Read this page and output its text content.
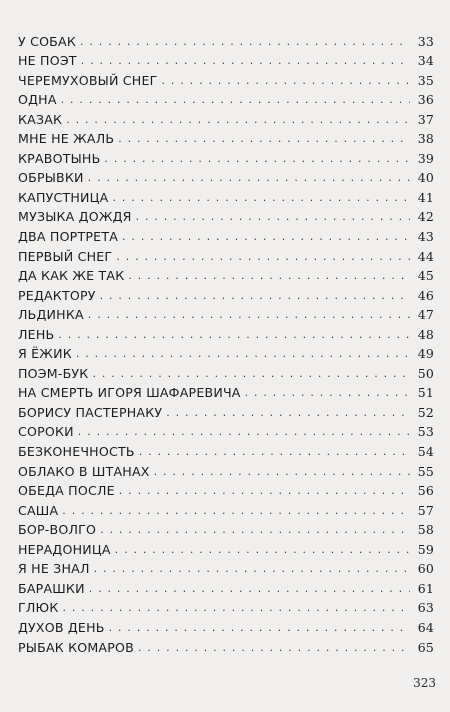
У СОБАК . . .	33
НЕ ПОЭТ . . .	34
ЧЕРЕМУХОВЫЙ СНЕГ . . .	35
ОДНА . . .	36
КАЗАК . . .	37
МНЕ НЕ ЖАЛЬ . . .	38
КРАВОТЫНЬ . . .	39
ОБРЫВКИ . . .	40
КАПУСТНИЦА . . .	41
МУЗЫКА ДОЖДЯ . . .	42
ДВА ПОРТРЕТА . . .	43
ПЕРВЫЙ СНЕГ . . .	44
ДА КАК ЖЕ ТАК . . .	45
РЕДАКТОРУ . . .	46
ЛЬДИНКА . . .	47
ЛЕНЬ . . .	48
Я ЁЖИК . . .	49
ПОЭМ-БУК . . .	50
НА СМЕРТЬ ИГОРЯ ШАФАРЕВИЧА . . .	51
БОРИСУ ПАСТЕРНАКУ . . .	52
СОРОКИ . . .	53
БЕЗКОНЕЧНОСТЬ . . .	54
ОБЛАКО В ШТАНАХ . . .	55
ОБЕДА ПОСЛЕ . . .	56
САША . . .	57
БОР-ВОЛГО . . .	58
НЕРАДОНИЦА . . .	59
Я НЕ ЗНАЛ . . .	60
БАРАШКИ . . .	61
ГЛЮК . . .	63
ДУХОВ ДЕНЬ . . .	64
РЫБАК КОМАРОВ . . .	65
323
